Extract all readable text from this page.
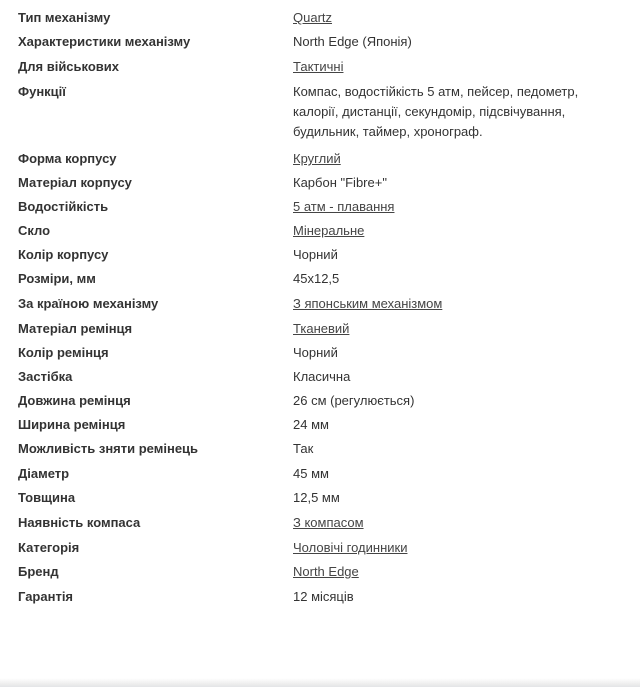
Тип механізму	Quartz
Характеристики механізму	North Edge (Японія)
Для військових	Тактичні
Функції	Компас, водостійкість 5 атм, пейсер, педометр, калорії, дистанції, секундомір, підсвічування, будильник, таймер, хронограф.
Форма корпусу	Круглий
Матеріал корпусу	Карбон "Fibre+"
Водостійкість	5 атм - плавання
Скло	Мінеральне
Колір корпусу	Чорний
Розміри, мм	45x12,5
За країною механізму	З японським механізмом
Матеріал ремінця	Тканевий
Колір ремінця	Чорний
Застібка	Класична
Довжина ремінця	26 см (регулюється)
Ширина ремінця	24 мм
Можливість зняти ремінець	Так
Діаметр	45 мм
Товщина	12,5 мм
Наявність компаса	З компасом
Категорія	Чоловічі годинники
Бренд	North Edge
Гарантія	12 місяців
